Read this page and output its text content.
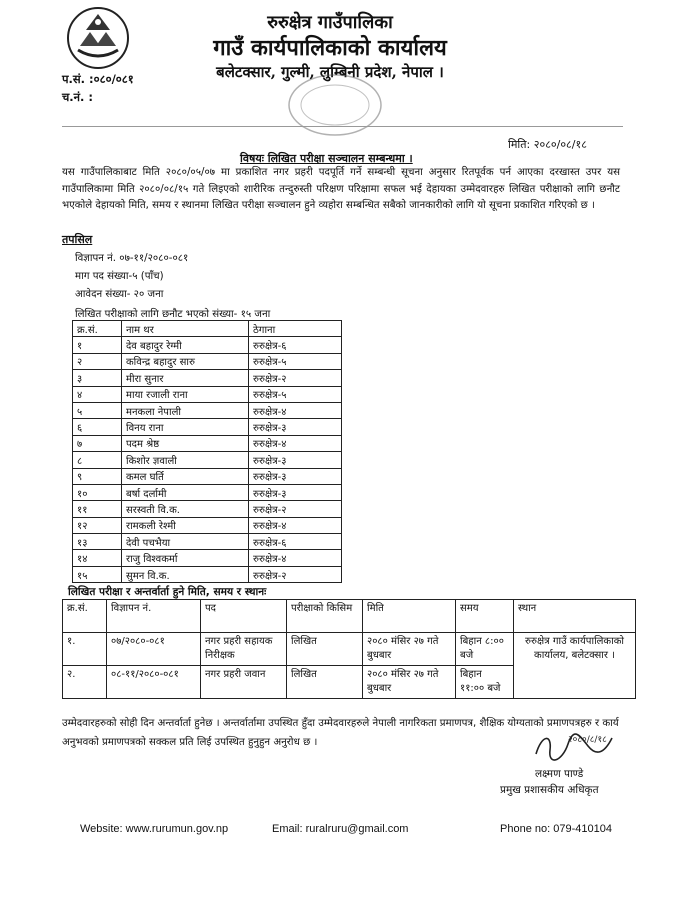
रुरुक्षेत्र गाउँपालिका
गाउँ कार्यपालिकाको कार्यालय
बलेटक्सार, गुल्मी, लुम्बिनी प्रदेश, नेपाल ।
प.सं. :०८०/०८१
च.नं. :
मिति: २०८०/०८/१८
विषयः लिखित परीक्षा सञ्चालन सम्बन्धमा ।
यस गाउँपालिकाबाट मिति २०८०/०५/०७ मा प्रकाशित नगर प्रहरी पदपूर्ति गर्ने सम्बन्धी सूचना अनुसार रितपूर्वक पर्न आएका दरखास्त उपर यस गाउँपालिकामा मिति २०८०/०८/१५ गते लिइएको शारीरिक तन्दुरुस्ती परिक्षण परिक्षामा सफल भई देहायका उम्मेदवारहरु लिखित परीक्षाको लागि छनौट भएकोले देहायको मिति, समय र स्थानमा लिखित परीक्षा सञ्चालन हुने व्यहोरा सम्बन्धित सबैको जानकारीको लागि यो सूचना प्रकाशित गरिएको छ ।
तपसिल
विज्ञापन नं. ०७-११/२०८०-०८१
माग पद संख्या-५ (पाँच)
आवेदन संख्या- २० जना
लिखित परीक्षाको लागि छनौट भएको संख्या- १५ जना
क्र.सं.	नाम थर	ठेगाना
१	देव बहादुर रेग्मी	रुरुक्षेत्र-६
२	कविन्द्र बहादुर सारु	रुरुक्षेत्र-५
३	मीरा सुनार	रुरुक्षेत्र-२
४	माया रजाली राना	रुरुक्षेत्र-५
५	मनकला नेपाली	रुरुक्षेत्र-४
६	विनय राना	रुरुक्षेत्र-३
७	पदम श्रेष्ठ	रुरुक्षेत्र-४
८	किशोर ज्ञवाली	रुरुक्षेत्र-३
९	कमल घर्ति	रुरुक्षेत्र-३
१०	बर्षा दर्लामी	रुरुक्षेत्र-३
११	सरस्वती वि.क.	रुरुक्षेत्र-२
१२	रामकली रेश्मी	रुरुक्षेत्र-४
१३	देवी पचभैया	रुरुक्षेत्र-६
१४	राजु विश्वकर्मा	रुरुक्षेत्र-४
१५	सुमन वि.क.	रुरुक्षेत्र-२
लिखित परीक्षा र अन्तर्वार्ता हुने मिति, समय र स्थानः
क्र.सं.	विज्ञापन नं.	पद	परीक्षाको किसिम	मिति	समय	स्थान
१.	०७/२०८०-०८१	नगर प्रहरी सहायक निरीक्षक	लिखित	२०८० मंसिर २७ गते बुधबार	बिहान ८:०० बजे	रुरुक्षेत्र गाउँ कार्यपालिकाको कार्यालय, बलेटक्सार ।
२.	०८-११/२०८०-०८१	नगर प्रहरी जवान	लिखित	२०८० मंसिर २७ गते बुधबार	बिहान ११:०० बजे	
उम्मेदवारहरुको सोही दिन अन्तर्वार्ता हुनेछ । अन्तर्वार्तामा उपस्थित हुँदा उम्मेदवारहरुले नेपाली नागरिकता प्रमाणपत्र, शैक्षिक योग्यताको प्रमाणपत्रहरु र कार्य अनुभवको प्रमाणपत्रको सक्कल प्रति लिई उपस्थित हुनुहुन अनुरोध छ ।	२०८०/८/१८
लक्ष्मण पाण्डे
प्रमुख प्रशासकीय अधिकृत
Website: www.rurumun.gov.np	Email: ruralruru@gmail.com	Phone no: 079-410104
